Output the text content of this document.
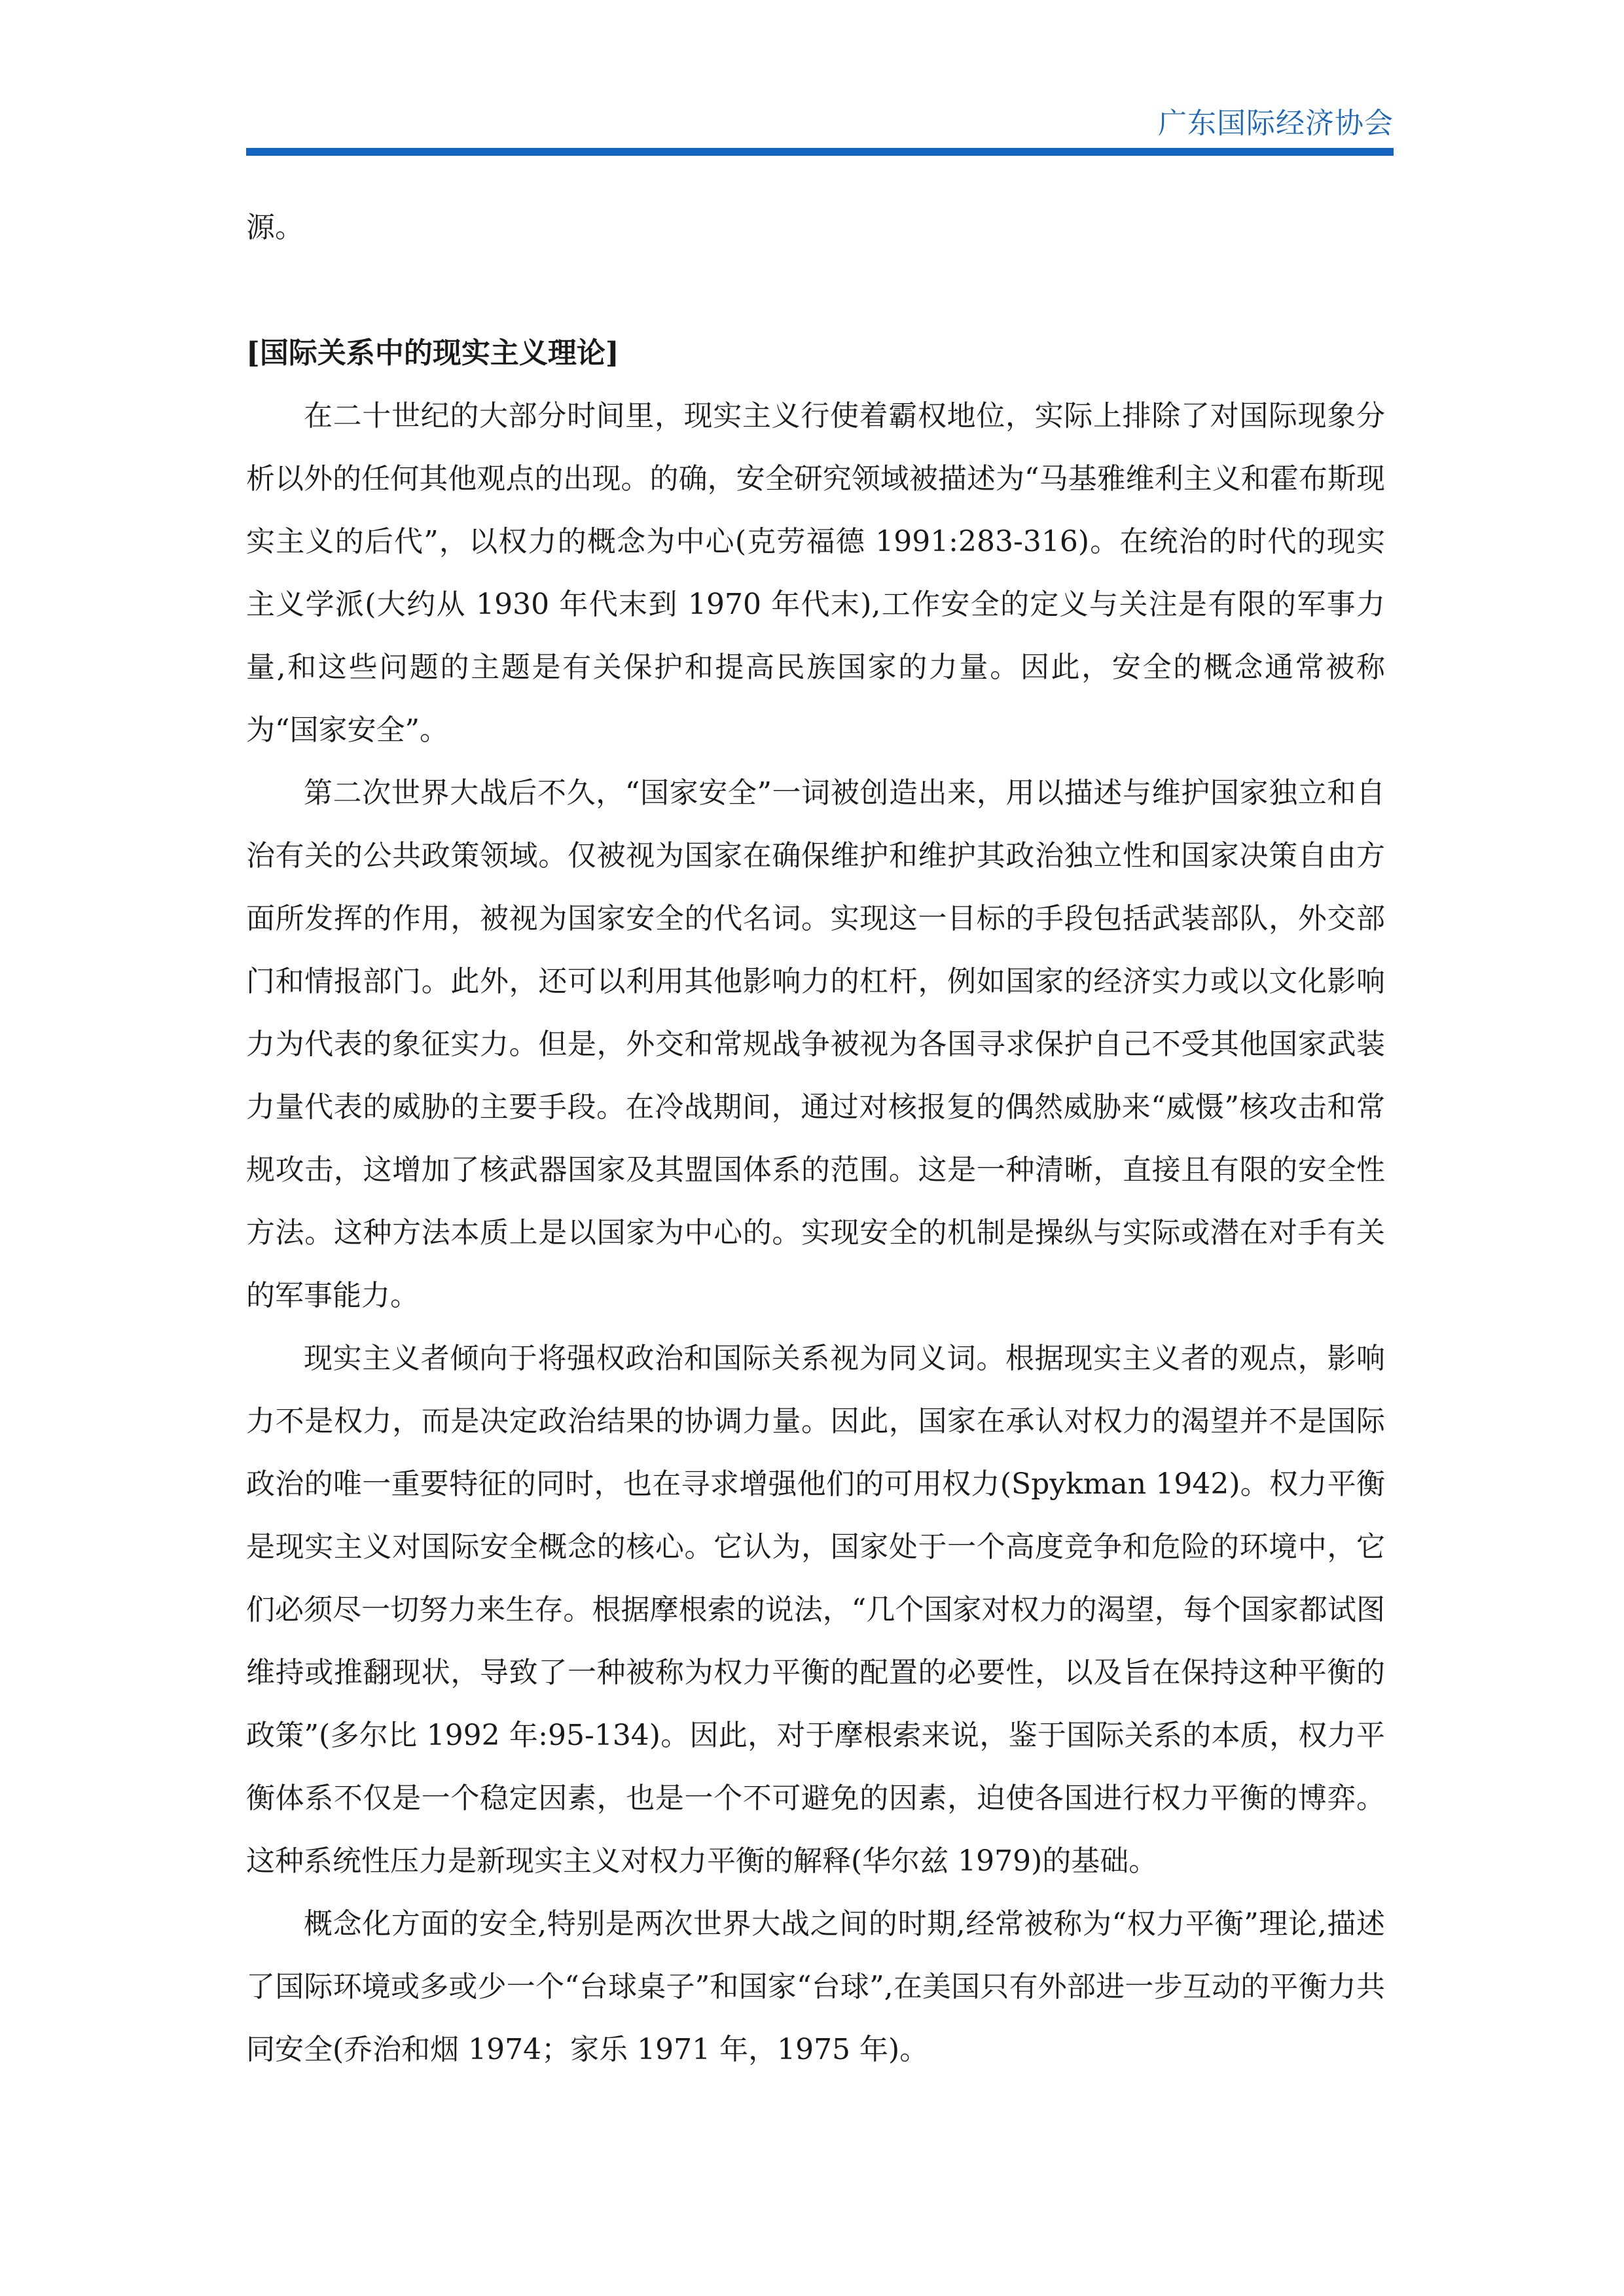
广东国际经济协会

源。

[国际关系中的现实主义理论]

在二十世纪的大部分时间里，现实主义行使着霸权地位，实际上排除了对国际现象分析以外的任何其他观点的出现。的确，安全研究领域被描述为“马基雅维利主义和霍布斯现实主义的后代”，以权力的概念为中心(克劳福德 1991:283-316)。在统治的时代的现实主义学派(大约从 1930 年代末到 1970 年代末),工作安全的定义与关注是有限的军事力量,和这些问题的主题是有关保护和提高民族国家的力量。因此，安全的概念通常被称为“国家安全”。

第二次世界大战后不久，“国家安全”一词被创造出来，用以描述与维护国家独立和自治有关的公共政策领域。仅被视为国家在确保维护和维护其政治独立性和国家决策自由方面所发挥的作用，被视为国家安全的代名词。实现这一目标的手段包括武装部队，外交部门和情报部门。此外，还可以利用其他影响力的杠杆，例如国家的经济实力或以文化影响力为代表的象征实力。但是，外交和常规战争被视为各国寻求保护自己不受其他国家武装力量代表的威胁的主要手段。在冷战期间，通过对核报复的偶然威胁来“威慑”核攻击和常规攻击，这增加了核武器国家及其盟国体系的范围。这是一种清晰，直接且有限的安全性方法。这种方法本质上是以国家为中心的。实现安全的机制是操纵与实际或潜在对手有关的军事能力。

现实主义者倾向于将强权政治和国际关系视为同义词。根据现实主义者的观点，影响力不是权力，而是决定政治结果的协调力量。因此，国家在承认对权力的渴望并不是国际政治的唯一重要特征的同时，也在寻求增强他们的可用权力(Spykman 1942)。权力平衡是现实主义对国际安全概念的核心。它认为，国家处于一个高度竞争和危险的环境中，它们必须尽一切努力来生存。根据摩根索的说法，“几个国家对权力的渴望，每个国家都试图维持或推翻现状，导致了一种被称为权力平衡的配置的必要性，以及旨在保持这种平衡的政策”(多尔比 1992 年:95-134)。因此，对于摩根索来说，鉴于国际关系的本质，权力平衡体系不仅是一个稳定因素，也是一个不可避免的因素，迫使各国进行权力平衡的博弈。这种系统性压力是新现实主义对权力平衡的解释(华尔兹 1979)的基础。

概念化方面的安全,特别是两次世界大战之间的时期,经常被称为“权力平衡”理论,描述了国际环境或多或少一个“台球桌子”和国家“台球”,在美国只有外部进一步互动的平衡力共同安全(乔治和烟 1974；家乐 1971 年，1975 年)。
